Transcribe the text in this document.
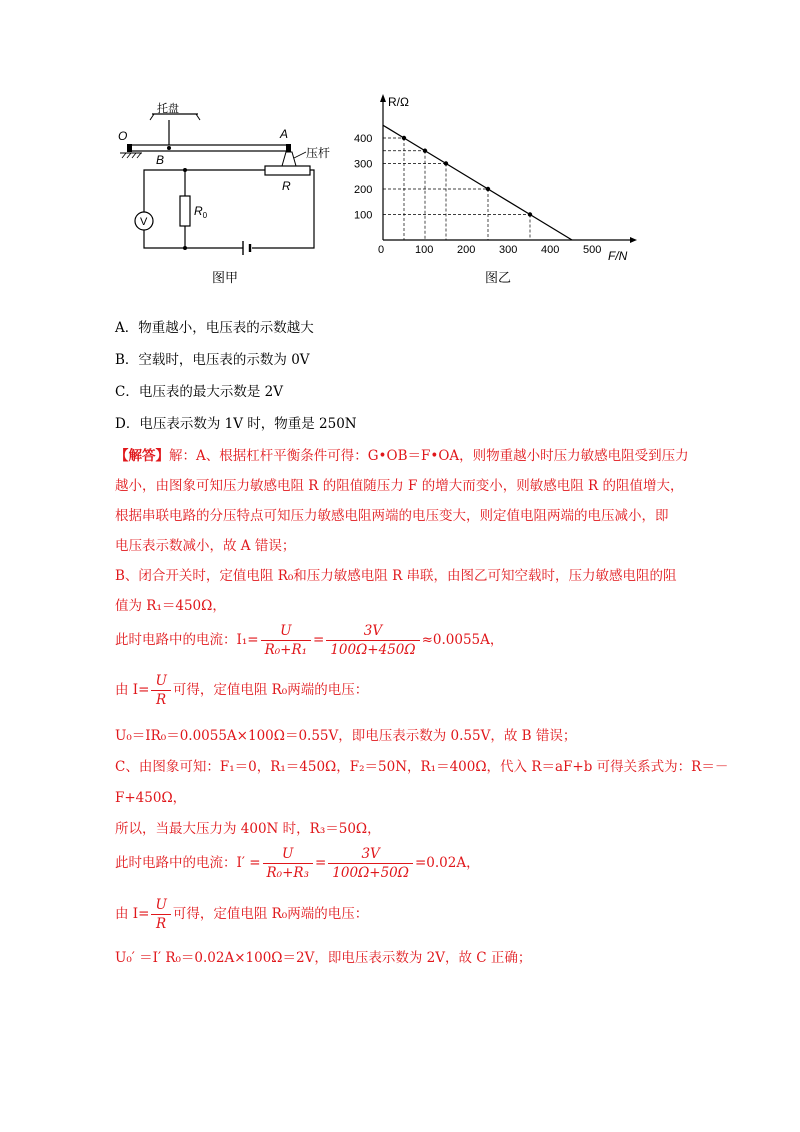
托盘
O	A
B	压杆
R
$R_0$
V
图甲
R/Ω
F/N
0
图乙
100 200 300 400 500
400
300
200
100
A．物重越小，电压表的示数越大
B．空载时，电压表的示数为 0V
C．电压表的最大示数是 2V
D．电压表示数为 1V 时，物重是 250N
【解答】解：A、根据杠杆平衡条件可得：G•OB＝F•OA，则物重越小时压力敏感电阻受到压力
越小，由图象可知压力敏感电阻 R 的阻值随压力 F 的增大而变小，则敏感电阻 R 的阻值增大，
根据串联电路的分压特点可知压力敏感电阻两端的电压变大，则定值电阻两端的电压减小，即
电压表示数减小，故 A 错误；
B、闭合开关时，定值电阻 R₀和压力敏感电阻 R 串联，由图乙可知空载时，压力敏感电阻的阻
值为 R₁＝450Ω，
此时电路中的电流：$I_1= \frac{U}{\text{R₀+R₁}} = \frac{3V}{100\Omega+450\Omega} \approx 0.0055A$，
由 $I= \frac{U}{R}$ 可得，定值电阻 R₀两端的电压：
U₀＝IR₀＝0.0055A×100Ω＝0.55V，即电压表示数为 0.55V，故 B 错误；
C、由图象可知：F₁＝0，R₁＝450Ω，F₂＝50N，R₁＝400Ω，代入 R＝aF+b 可得关系式为：R＝－
F+450Ω，
所以，当最大压力为 400N 时，R₃＝50Ω，
此时电路中的电流：$I' = \frac{U}{\text{R₀+R₃}} = \frac{3V}{100\Omega+50\Omega} =0.02A$，
由 $I= \frac{U}{R}$ 可得，定值电阻 R₀两端的电压：
U₀′ ＝I′ R₀＝0.02A×100Ω＝2V，即电压表示数为 2V，故 C 正确；
